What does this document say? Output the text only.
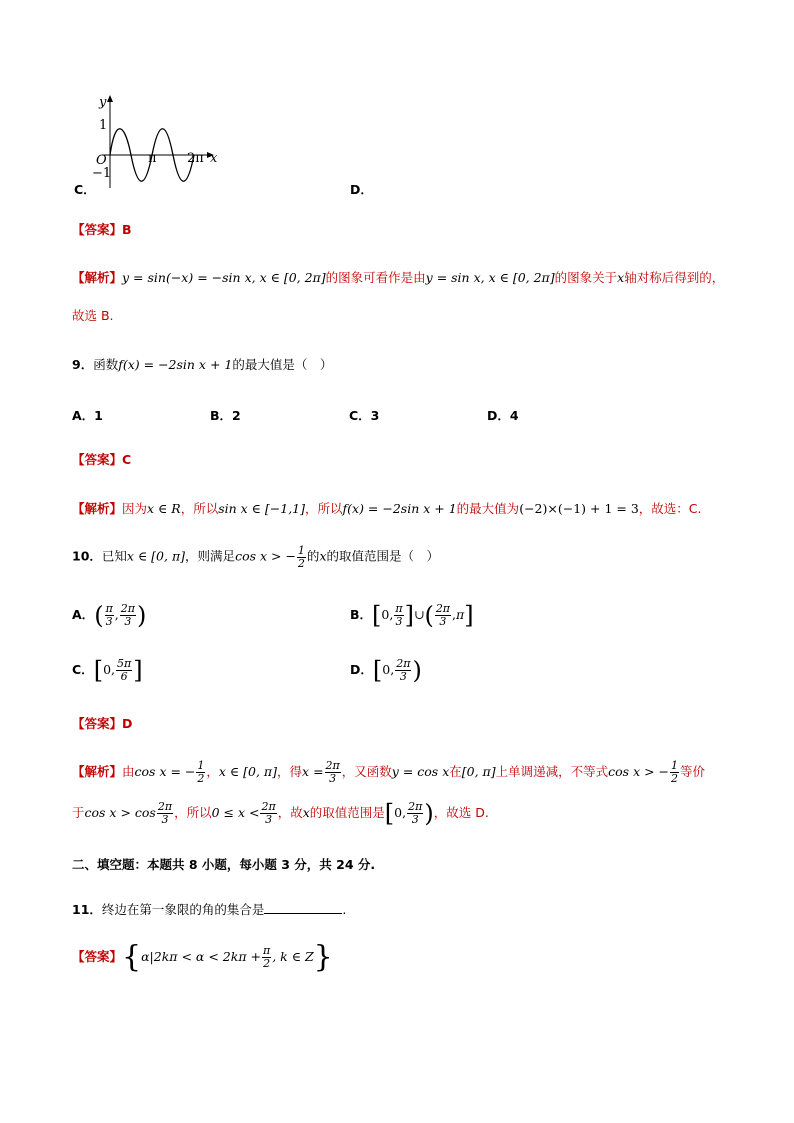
y
1
O
−1
π 2π x
C．	D．
【答案】B
【解析】y = sin(−x) = −sin x, x ∈ [0, 2π]的图象可看作是由y = sin x, x ∈ [0, 2π]的图象关于x轴对称后得到的，
故选 B.
9．函数f(x) = −2sin x + 1的最大值是（　）
A．1	B．2	C．3	D．4
【答案】C
【解析】因为x ∈ R，所以sin x ∈ [−1,1]，所以f(x) = −2sin x + 1的最大值为(−2)×(−1) + 1 = 3，故选：C.
10．已知x ∈ [0, π]，则满足cos x > − $\frac{1}{2}$ 的x的取值范围是（　）
A．( $\frac{\pi}{3}$ , $\frac{2\pi}{3}$ )	B．[0, $\frac{\pi}{3}$ ]∪( $\frac{2\pi}{3} ,\pi$]
C．[0, $\frac{5\pi}{6}$ ]	D．[0, $\frac{2\pi}{3}$ )
【答案】D
【解析】由cos x = − $\frac{1}{2}$ ，x ∈ [0, π]，得$x = \frac{2\pi}{3}$ ，又函数y = cos x在[0, π]上单调递减，不等式cos x > − $\frac{1}{2}$ 等价
于$\cos x > \cos \frac{2\pi}{3}$ ，所以$0 \le x < \frac{2\pi}{3}$ ，故x的取值范围是[0, $\frac{2\pi}{3}$ )，故选 D.
二、填空题：本题共 8 小题，每小题 3 分，共 24 分.
11．终边在第一象限的角的集合是	.
【答案】{$\alpha|2k\pi < \alpha < 2k\pi + \frac{\pi}{2}$ , k ∈ Z}
